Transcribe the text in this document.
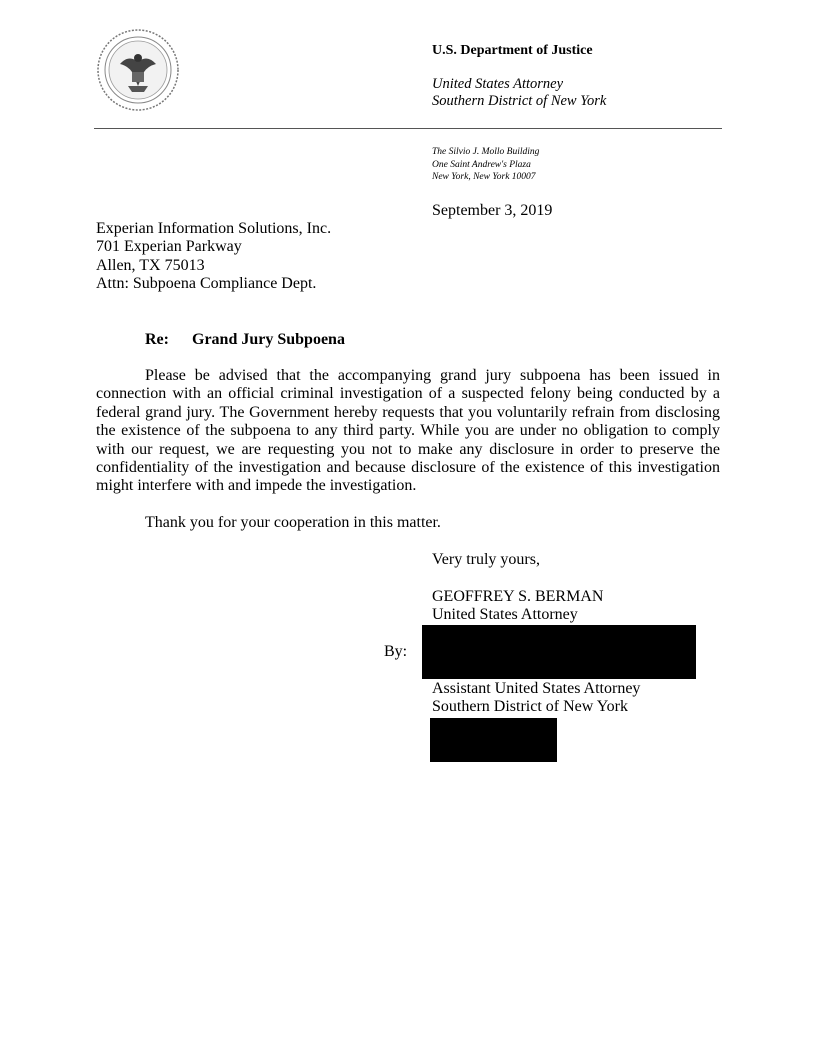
U.S. Department of Justice
United States Attorney
Southern District of New York
The Silvio J. Mollo Building
One Saint Andrew's Plaza
New York, New York 10007
September 3, 2019
Experian Information Solutions, Inc.
701 Experian Parkway
Allen, TX 75013
Attn: Subpoena Compliance Dept.
Re: Grand Jury Subpoena
Please be advised that the accompanying grand jury subpoena has been issued in connection with an official criminal investigation of a suspected felony being conducted by a federal grand jury. The Government hereby requests that you voluntarily refrain from disclosing the existence of the subpoena to any third party. While you are under no obligation to comply with our request, we are requesting you not to make any disclosure in order to preserve the confidentiality of the investigation and because disclosure of the existence of this investigation might interfere with and impede the investigation.
Thank you for your cooperation in this matter.
Very truly yours,
GEOFFREY S. BERMAN
United States Attorney
By:
Assistant United States Attorney
Southern District of New York
